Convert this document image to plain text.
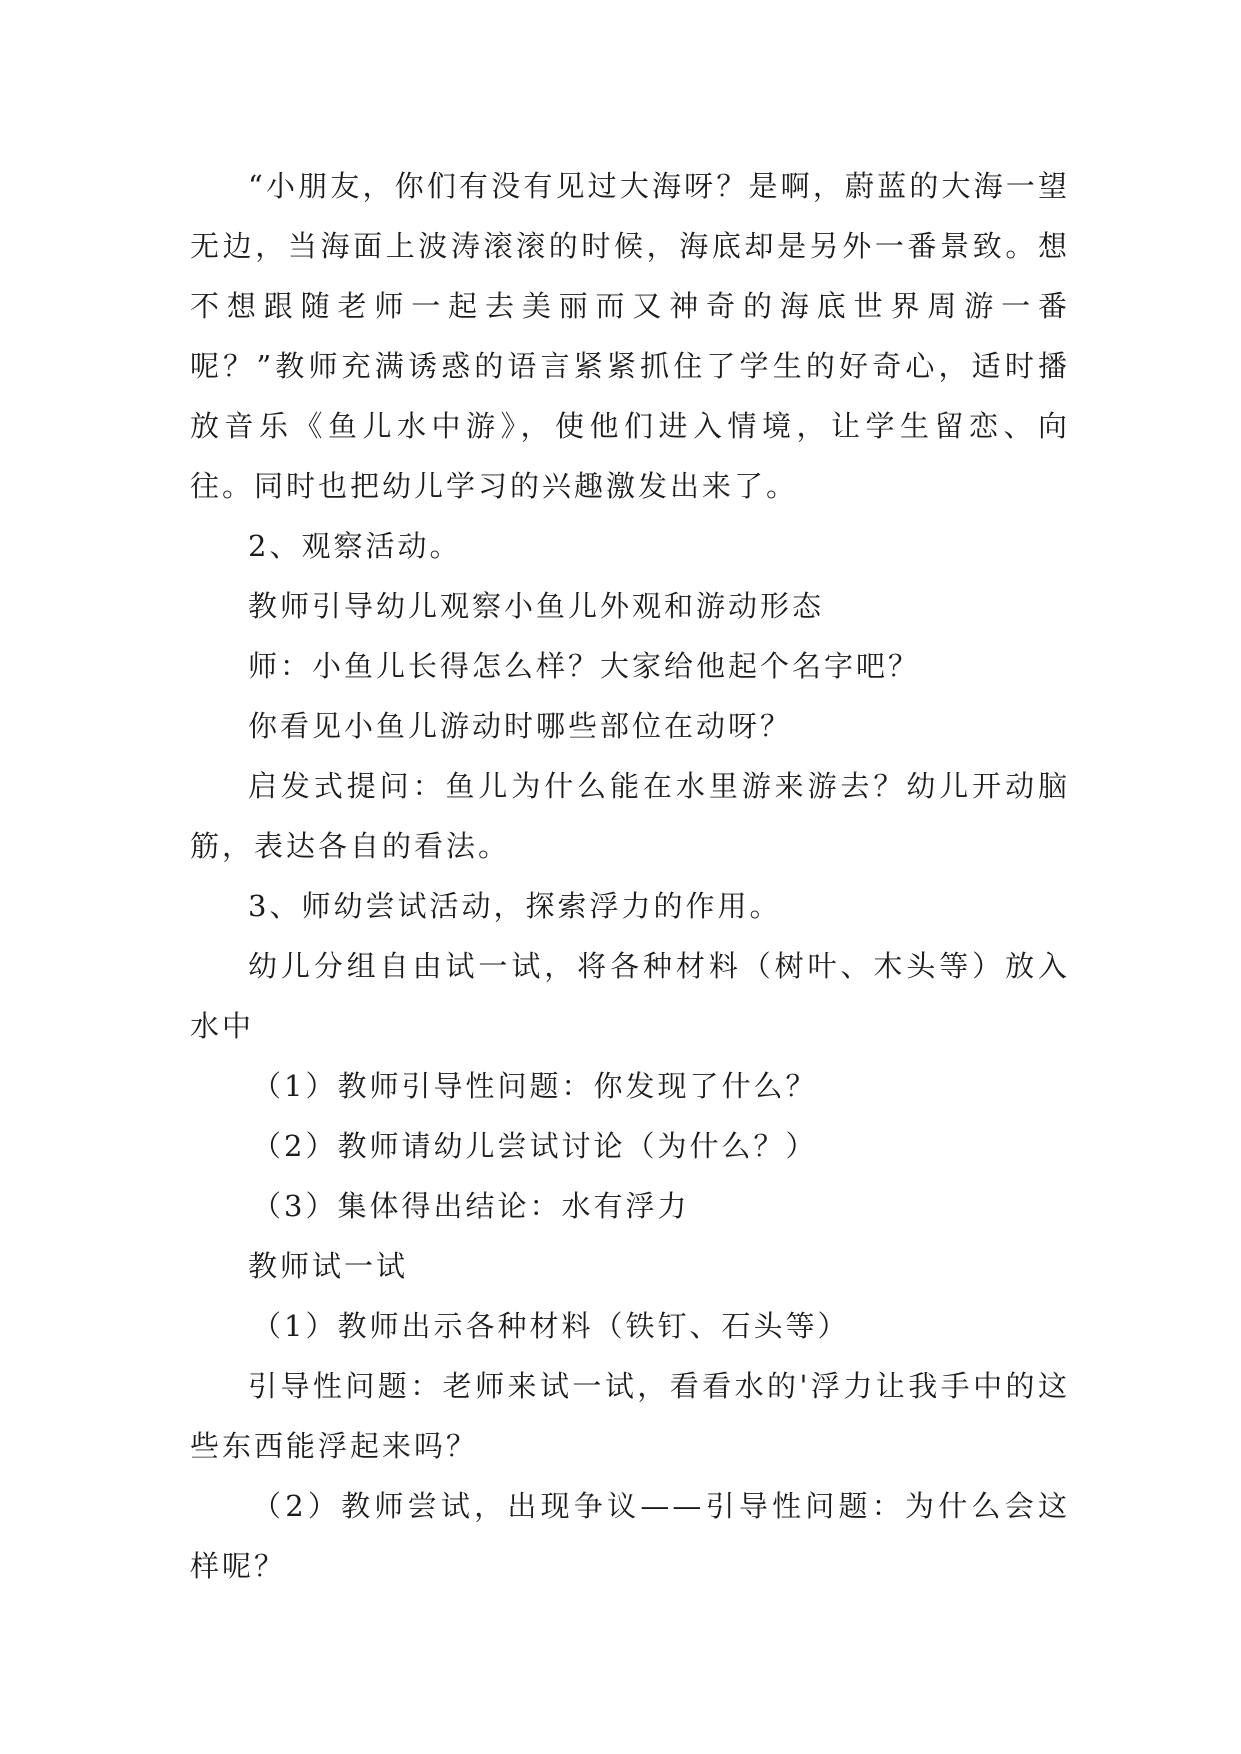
“小朋友，你们有没有见过大海呀？是啊，蔚蓝的大海一望无边，当海面上波涛滚滚的时候，海底却是另外一番景致。想不想跟随老师一起去美丽而又神奇的海底世界周游一番呢？”教师充满诱惑的语言紧紧抓住了学生的好奇心，适时播放音乐《鱼儿水中游》，使他们进入情境，让学生留恋、向往。同时也把幼儿学习的兴趣激发出来了。

2、观察活动。

教师引导幼儿观察小鱼儿外观和游动形态

师：小鱼儿长得怎么样？大家给他起个名字吧？

你看见小鱼儿游动时哪些部位在动呀？

启发式提问：鱼儿为什么能在水里游来游去？幼儿开动脑筋，表达各自的看法。

3、师幼尝试活动，探索浮力的作用。

幼儿分组自由试一试，将各种材料（树叶、木头等）放入水中

（1）教师引导性问题：你发现了什么？

（2）教师请幼儿尝试讨论（为什么？）

（3）集体得出结论：水有浮力

教师试一试

（1）教师出示各种材料（铁钉、石头等）

引导性问题：老师来试一试，看看水的'浮力让我手中的这些东西能浮起来吗？

（2）教师尝试，出现争议——引导性问题：为什么会这样呢？
